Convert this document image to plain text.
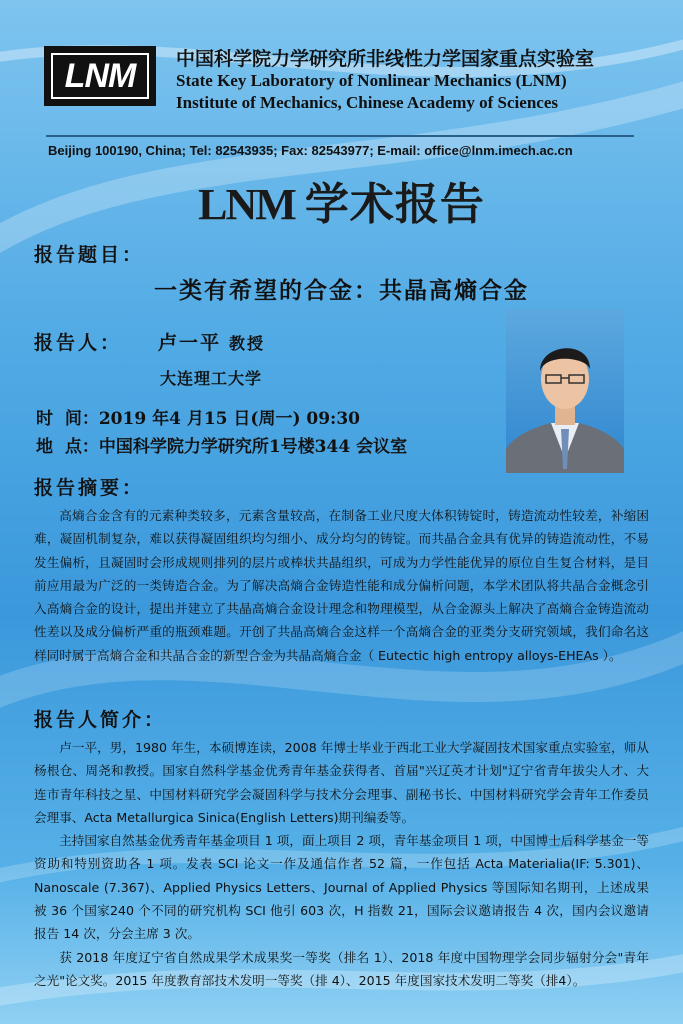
LNM	中国科学院力学研究所非线性力学国家重点实验室
State Key Laboratory of Nonlinear Mechanics (LNM)
Institute of Mechanics, Chinese Academy of Sciences
Beijing 100190, China; Tel: 82543935; Fax: 82543977; E-mail: office@lnm.imech.ac.cn
LNM 学术报告
报告题目：
一类有希望的合金：共晶高熵合金
报告人： 卢一平 教授
大连理工大学
时  间：2019 年4 月15 日(周一) 09:30
地  点：中国科学院力学研究所1号楼344 会议室
报告摘要：

高熵合金含有的元素种类较多，元素含量较高，在制备工业尺度大体积铸锭时，铸造流动性较差，补缩困难，凝固机制复杂，难以获得凝固组织均匀细小、成分均匀的铸锭。而共晶合金具有优异的铸造流动性，不易发生偏析，且凝固时会形成规则排列的层片或棒状共晶组织，可成为力学性能优异的原位自生复合材料，是目前应用最为广泛的一类铸造合金。为了解决高熵合金铸造性能和成分偏析问题，本学术团队将共晶合金概念引入高熵合金的设计，提出并建立了共晶高熵合金设计理念和物理模型，从合金源头上解决了高熵合金铸造流动性差以及成分偏析严重的瓶颈难题。开创了共晶高熵合金这样一个高熵合金的亚类分支研究领域，我们命名这样同时属于高熵合金和共晶合金的新型合金为共晶高熵合金（ Eutectic high entropy alloys-EHEAs ）。

报告人简介：

卢一平，男，1980 年生，本硕博连读，2008 年博士毕业于西北工业大学凝固技术国家重点实验室，师从杨根仓、周尧和教授。国家自然科学基金优秀青年基金获得者、首届"兴辽英才计划"辽宁省青年拔尖人才、大连市青年科技之星、中国材料研究学会凝固科学与技术分会理事、副秘书长、中国材料研究学会青年工作委员会理事、Acta Metallurgica Sinica(English Letters)期刊编委等。

主持国家自然基金优秀青年基金项目 1 项，面上项目 2 项，青年基金项目 1 项，中国博士后科学基金一等资助和特别资助各 1 项。发表 SCI 论文一作及通信作者 52 篇，一作包括 Acta Materialia(IF: 5.301)、Nanoscale (7.367)、Applied Physics Letters、Journal of Applied Physics 等国际知名期刊，上述成果被 36 个国家240 个不同的研究机构 SCI 他引 603 次，H 指数 21，国际会议邀请报告 4 次，国内会议邀请报告 14 次，分会主席 3 次。

获 2018 年度辽宁省自然成果学术成果奖一等奖（排名 1）、2018 年度中国物理学会同步辐射分会"青年之光"论文奖。2015 年度教育部技术发明一等奖（排 4）、2015 年度国家技术发明二等奖（排4）。
